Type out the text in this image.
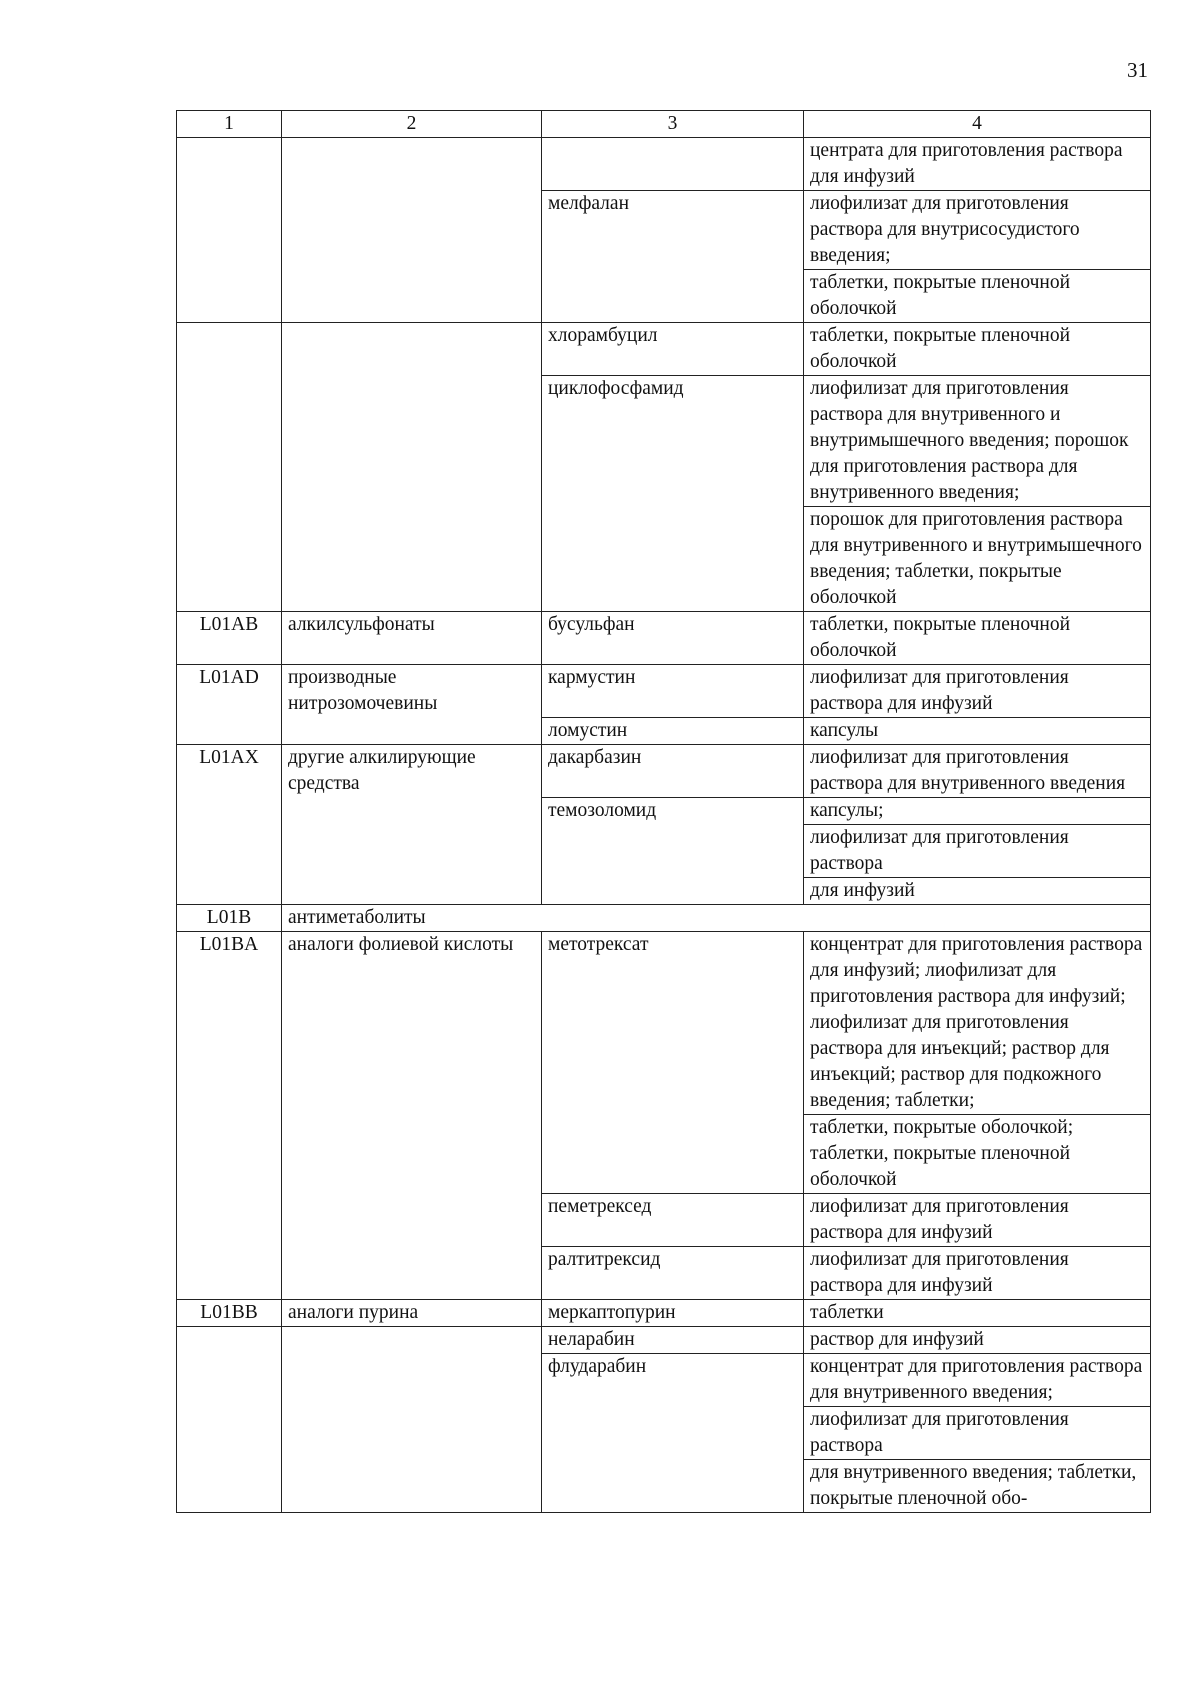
31
1	2	3	4

			центрата для приготовления раствора для инфузий

		мелфалан	лиофилизат для приготовления раствора для внутрисосудистого введения;
таблетки, покрытые пленочной оболочкой

		хлорамбуцил	таблетки, покрытые пленочной оболочкой

		циклофосфамид	лиофилизат для приготовления раствора для внутривенного и внутримышечного введения; порошок для приготовления раствора для внутривенного введения;
порошок для приготовления раствора для внутривенного и внутримышечного введения; таблетки, покрытые оболочкой

L01AB	алкилсульфонаты	бусульфан	таблетки, покрытые пленочной оболочкой

L01AD	производные нитрозомочевины	кармустин	лиофилизат для приготовления раствора для инфузий

		ломустин	капсулы

L01AX	другие алкилирующие средства	дакарбазин	лиофилизат для приготовления раствора для внутривенного введения

		темозоломид	капсулы;
лиофилизат для приготовления раствора
для инфузий

L01B	антиметаболиты		
L01BA	аналоги фолиевой кислоты	метотрексат	концентрат для приготовления раствора для инфузий; лиофилизат для приготовления раствора для инфузий; лиофилизат для приготовления раствора для инъекций; раствор для инъекций; раствор для подкожного введения; таблетки;
таблетки, покрытые оболочкой; таблетки, покрытые пленочной оболочкой

		пеметрексед	лиофилизат для приготовления раствора для инфузий

		ралтитрексид	лиофилизат для приготовления раствора для инфузий

L01BB	аналоги пурина	меркаптопурин	таблетки

		неларабин	раствор для инфузий

		флударабин	концентрат для приготовления раствора для внутривенного введения;
лиофилизат для приготовления раствора
для внутривенного введения; таблетки, покрытые пленочной обо-
